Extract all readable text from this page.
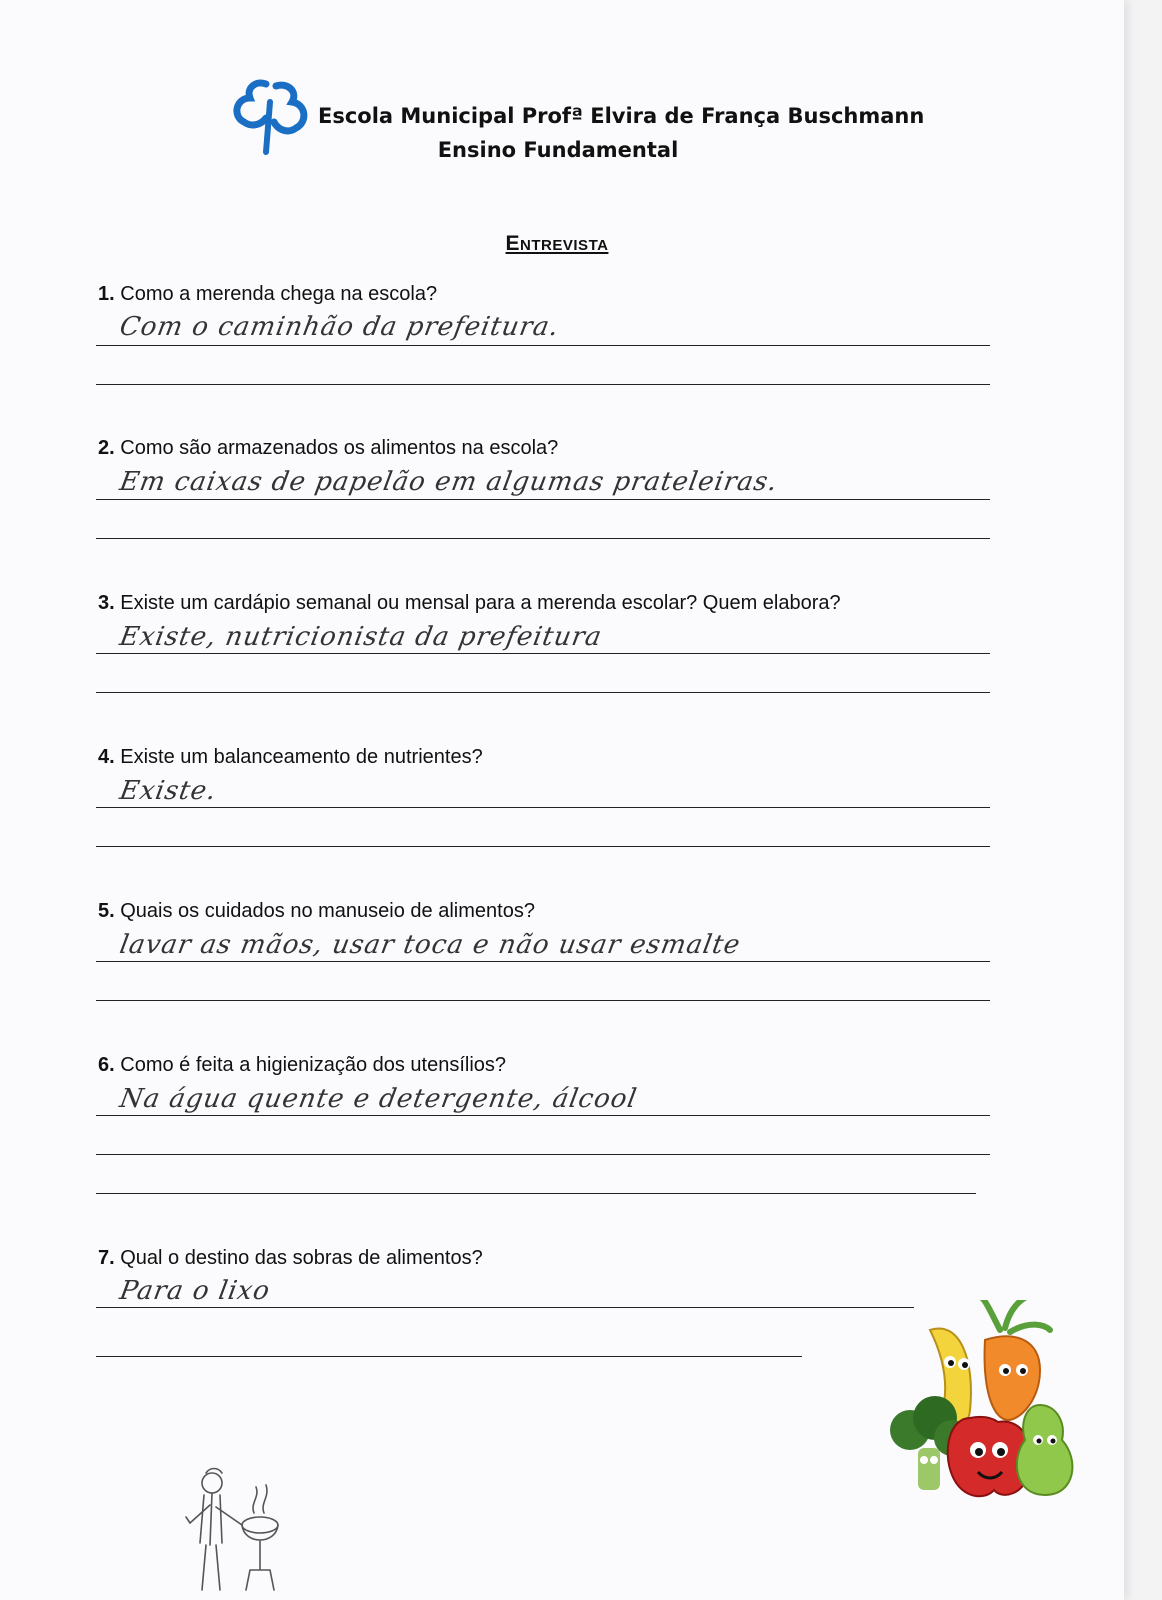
Escola Municipal Profª Elvira de França Buschmann
Ensino Fundamental
Entrevista
1. Como a merenda chega na escola?
Com o caminhão da prefeitura.
2. Como são armazenados os alimentos na escola?
Em caixas de papelão em algumas prateleiras.
3. Existe um cardápio semanal ou mensal para a merenda escolar? Quem elabora?
Existe, nutricionista da prefeitura
4. Existe um balanceamento de nutrientes?
Existe.
5. Quais os cuidados no manuseio de alimentos?
lavar as mãos, usar toca e não usar esmalte
6. Como é feita a higienização dos utensílios?
Na água quente e detergente, álcool
7. Qual o destino das sobras de alimentos?
Para o lixo
